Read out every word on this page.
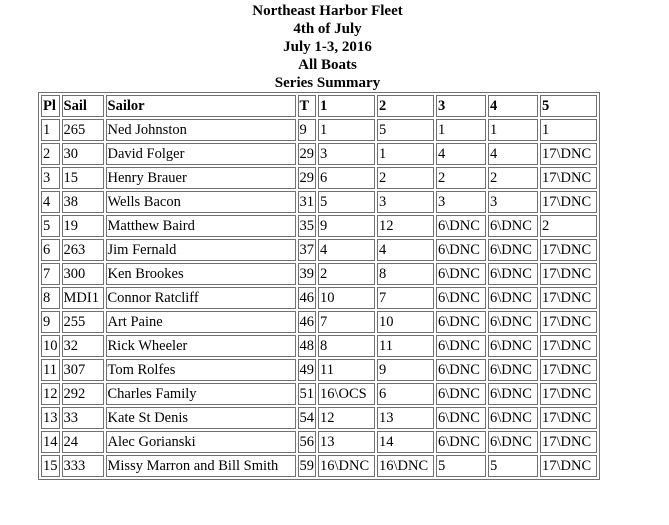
Northeast Harbor Fleet
4th of July
July 1-3, 2016
All Boats
Series Summary
Pl	Sail	Sailor	T	1	2	3	4	5
1	265	Ned Johnston	9	1	5	1	1	1
2	30	David Folger	29	3	1	4	4	17\DNC
3	15	Henry Brauer	29	6	2	2	2	17\DNC
4	38	Wells Bacon	31	5	3	3	3	17\DNC
5	19	Matthew Baird	35	9	12	6\DNC	6\DNC	2
6	263	Jim Fernald	37	4	4	6\DNC	6\DNC	17\DNC
7	300	Ken Brookes	39	2	8	6\DNC	6\DNC	17\DNC
8	MDI1	Connor Ratcliff	46	10	7	6\DNC	6\DNC	17\DNC
9	255	Art Paine	46	7	10	6\DNC	6\DNC	17\DNC
10	32	Rick Wheeler	48	8	11	6\DNC	6\DNC	17\DNC
11	307	Tom Rolfes	49	11	9	6\DNC	6\DNC	17\DNC
12	292	Charles Family	51	16\OCS	6	6\DNC	6\DNC	17\DNC
13	33	Kate St Denis	54	12	13	6\DNC	6\DNC	17\DNC
14	24	Alec Gorianski	56	13	14	6\DNC	6\DNC	17\DNC
15	333	Missy Marron and Bill Smith	59	16\DNC	16\DNC	5	5	17\DNC
